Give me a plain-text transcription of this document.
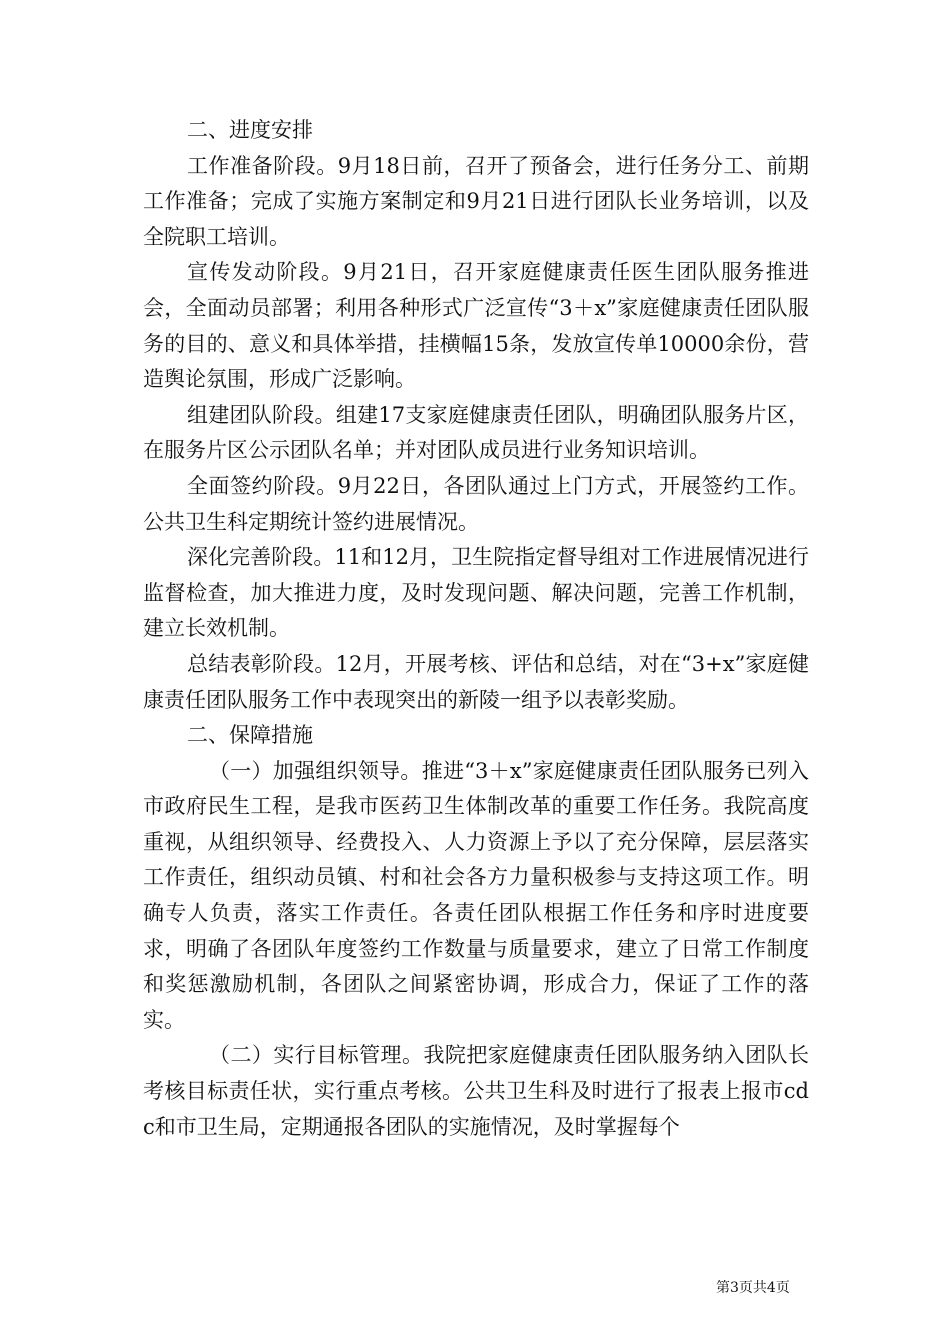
二、进度安排

工作准备阶段。9月18日前，召开了预备会，进行任务分工、前期工作准备；完成了实施方案制定和9月21日进行团队长业务培训，以及全院职工培训。

宣传发动阶段。9月21日，召开家庭健康责任医生团队服务推进会，全面动员部署；利用各种形式广泛宣传“3＋x”家庭健康责任团队服务的目的、意义和具体举措，挂横幅15条，发放宣传单10000余份，营造舆论氛围，形成广泛影响。

组建团队阶段。组建17支家庭健康责任团队，明确团队服务片区，在服务片区公示团队名单；并对团队成员进行业务知识培训。

全面签约阶段。9月22日，各团队通过上门方式，开展签约工作。公共卫生科定期统计签约进展情况。

深化完善阶段。11和12月，卫生院指定督导组对工作进展情况进行监督检查，加大推进力度，及时发现问题、解决问题，完善工作机制，建立长效机制。

总结表彰阶段。12月，开展考核、评估和总结，对在“3+x”家庭健康责任团队服务工作中表现突出的新陵一组予以表彰奖励。

二、保障措施

（一）加强组织领导。推进“3＋x”家庭健康责任团队服务已列入市政府民生工程，是我市医药卫生体制改革的重要工作任务。我院高度重视，从组织领导、经费投入、人力资源上予以了充分保障，层层落实工作责任，组织动员镇、村和社会各方力量积极参与支持这项工作。明确专人负责，落实工作责任。各责任团队根据工作任务和序时进度要求，明确了各团队年度签约工作数量与质量要求，建立了日常工作制度和奖惩激励机制，各团队之间紧密协调，形成合力，保证了工作的落实。

（二）实行目标管理。我院把家庭健康责任团队服务纳入团队长考核目标责任状，实行重点考核。公共卫生科及时进行了报表上报市cdc和市卫生局，定期通报各团队的实施情况，及时掌握每个

第3页共4页
